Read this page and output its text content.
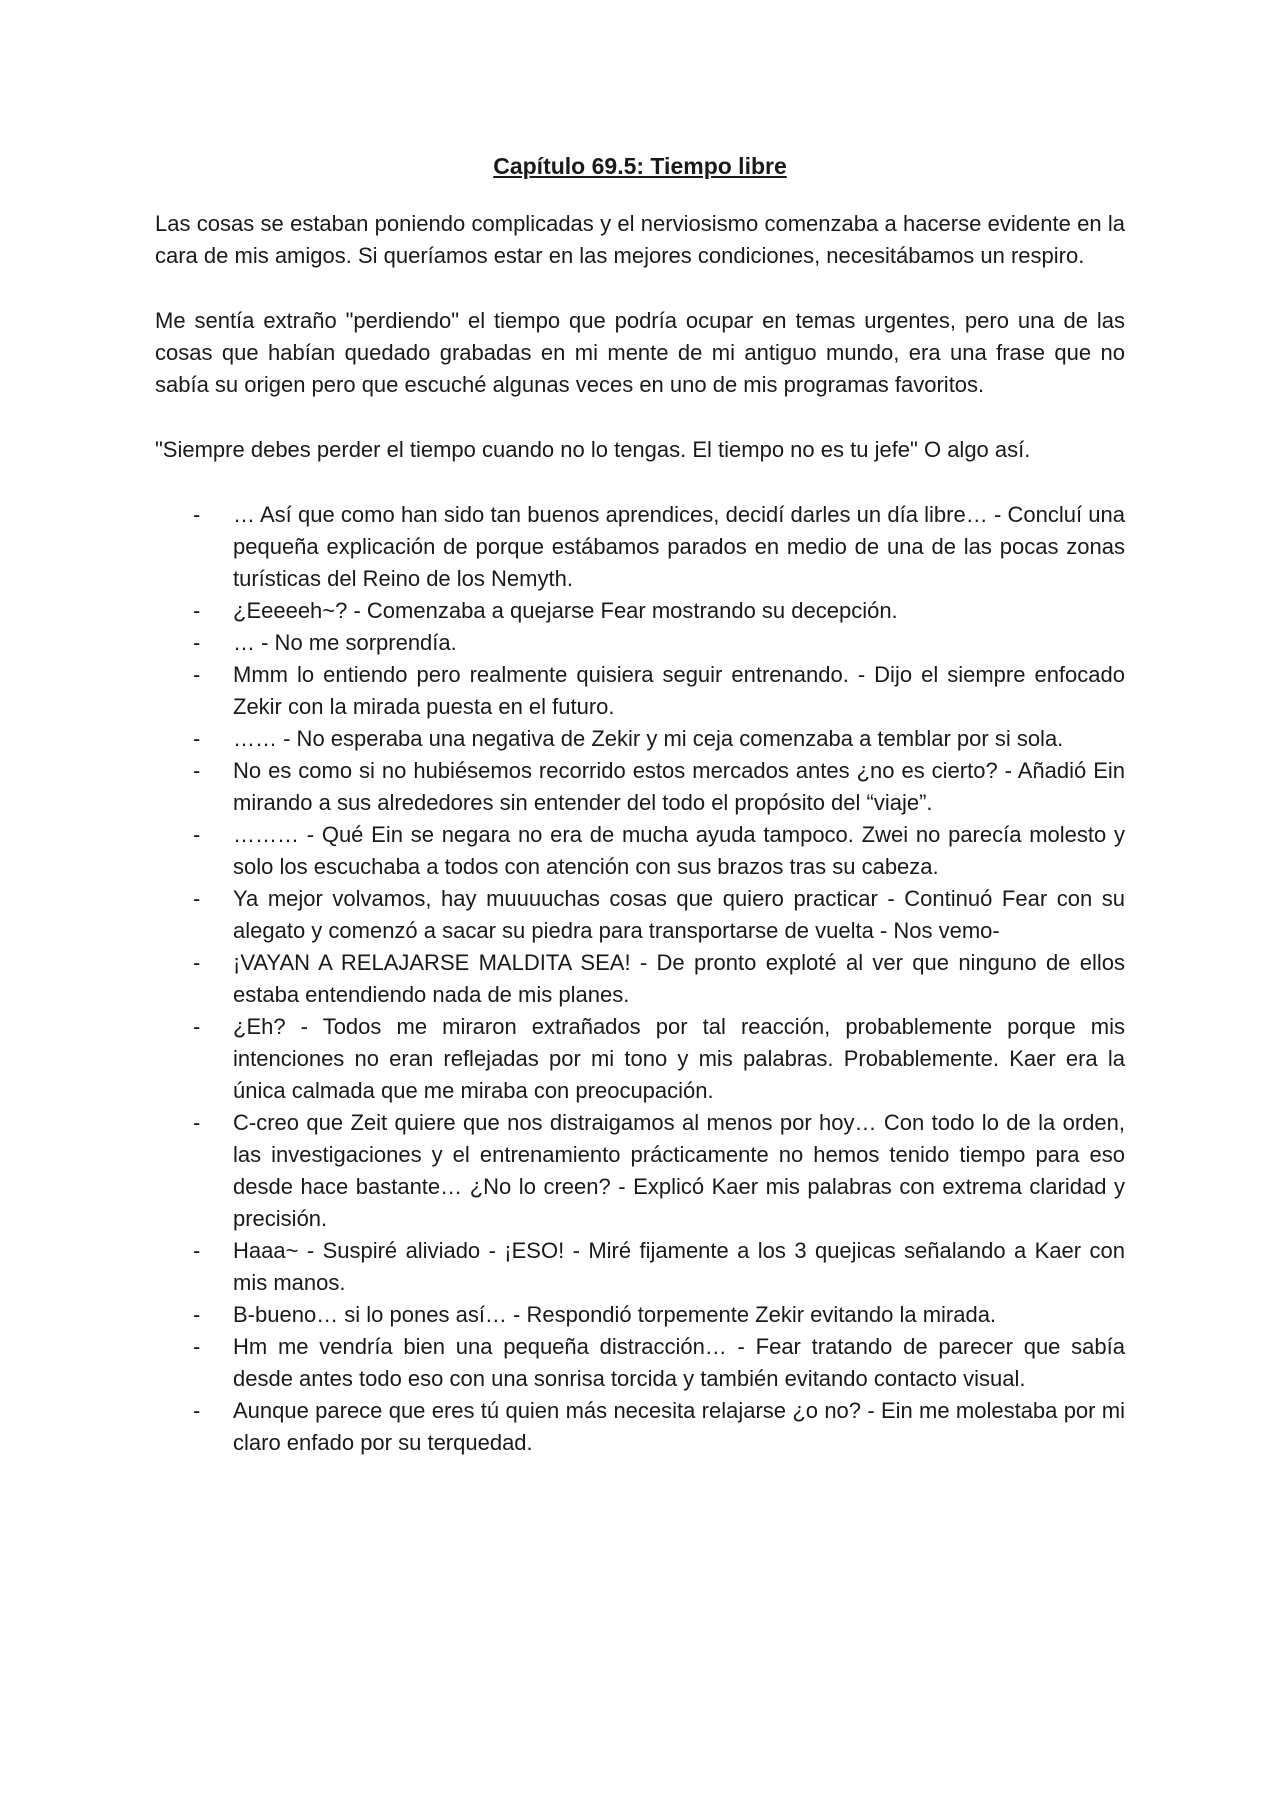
Capítulo 69.5: Tiempo libre

Las cosas se estaban poniendo complicadas y el nerviosismo comenzaba a hacerse evidente en la cara de mis amigos. Si queríamos estar en las mejores condiciones, necesitábamos un respiro.

Me sentía extraño "perdiendo" el tiempo que podría ocupar en temas urgentes, pero una de las cosas que habían quedado grabadas en mi mente de mi antiguo mundo, era una frase que no sabía su origen pero que escuché algunas veces en uno de mis programas favoritos.

"Siempre debes perder el tiempo cuando no lo tengas. El tiempo no es tu jefe" O algo así.

- … Así que como han sido tan buenos aprendices, decidí darles un día libre… - Concluí una pequeña explicación de porque estábamos parados en medio de una de las pocas zonas turísticas del Reino de los Nemyth.
- ¿Eeeeeh~? - Comenzaba a quejarse Fear mostrando su decepción.
- … - No me sorprendía.
- Mmm lo entiendo pero realmente quisiera seguir entrenando. - Dijo el siempre enfocado Zekir con la mirada puesta en el futuro.
- …… - No esperaba una negativa de Zekir y mi ceja comenzaba a temblar por si sola.
- No es como si no hubiésemos recorrido estos mercados antes ¿no es cierto? - Añadió Ein mirando a sus alrededores sin entender del todo el propósito del “viaje”.
- ……… - Qué Ein se negara no era de mucha ayuda tampoco. Zwei no parecía molesto y solo los escuchaba a todos con atención con sus brazos tras su cabeza.
- Ya mejor volvamos, hay muuuuchas cosas que quiero practicar - Continuó Fear con su alegato y comenzó a sacar su piedra para transportarse de vuelta - Nos vemo-
- ¡VAYAN A RELAJARSE MALDITA SEA! - De pronto exploté al ver que ninguno de ellos estaba entendiendo nada de mis planes.
- ¿Eh? - Todos me miraron extrañados por tal reacción, probablemente porque mis intenciones no eran reflejadas por mi tono y mis palabras. Probablemente. Kaer era la única calmada que me miraba con preocupación.
- C-creo que Zeit quiere que nos distraigamos al menos por hoy… Con todo lo de la orden, las investigaciones y el entrenamiento prácticamente no hemos tenido tiempo para eso desde hace bastante… ¿No lo creen? - Explicó Kaer mis palabras con extrema claridad y precisión.
- Haaa~ - Suspiré aliviado - ¡ESO! - Miré fijamente a los 3 quejicas señalando a Kaer con mis manos.
- B-bueno… si lo pones así… - Respondió torpemente Zekir evitando la mirada.
- Hm me vendría bien una pequeña distracción… - Fear tratando de parecer que sabía desde antes todo eso con una sonrisa torcida y también evitando contacto visual.
- Aunque parece que eres tú quien más necesita relajarse ¿o no? - Ein me molestaba por mi claro enfado por su terquedad.
